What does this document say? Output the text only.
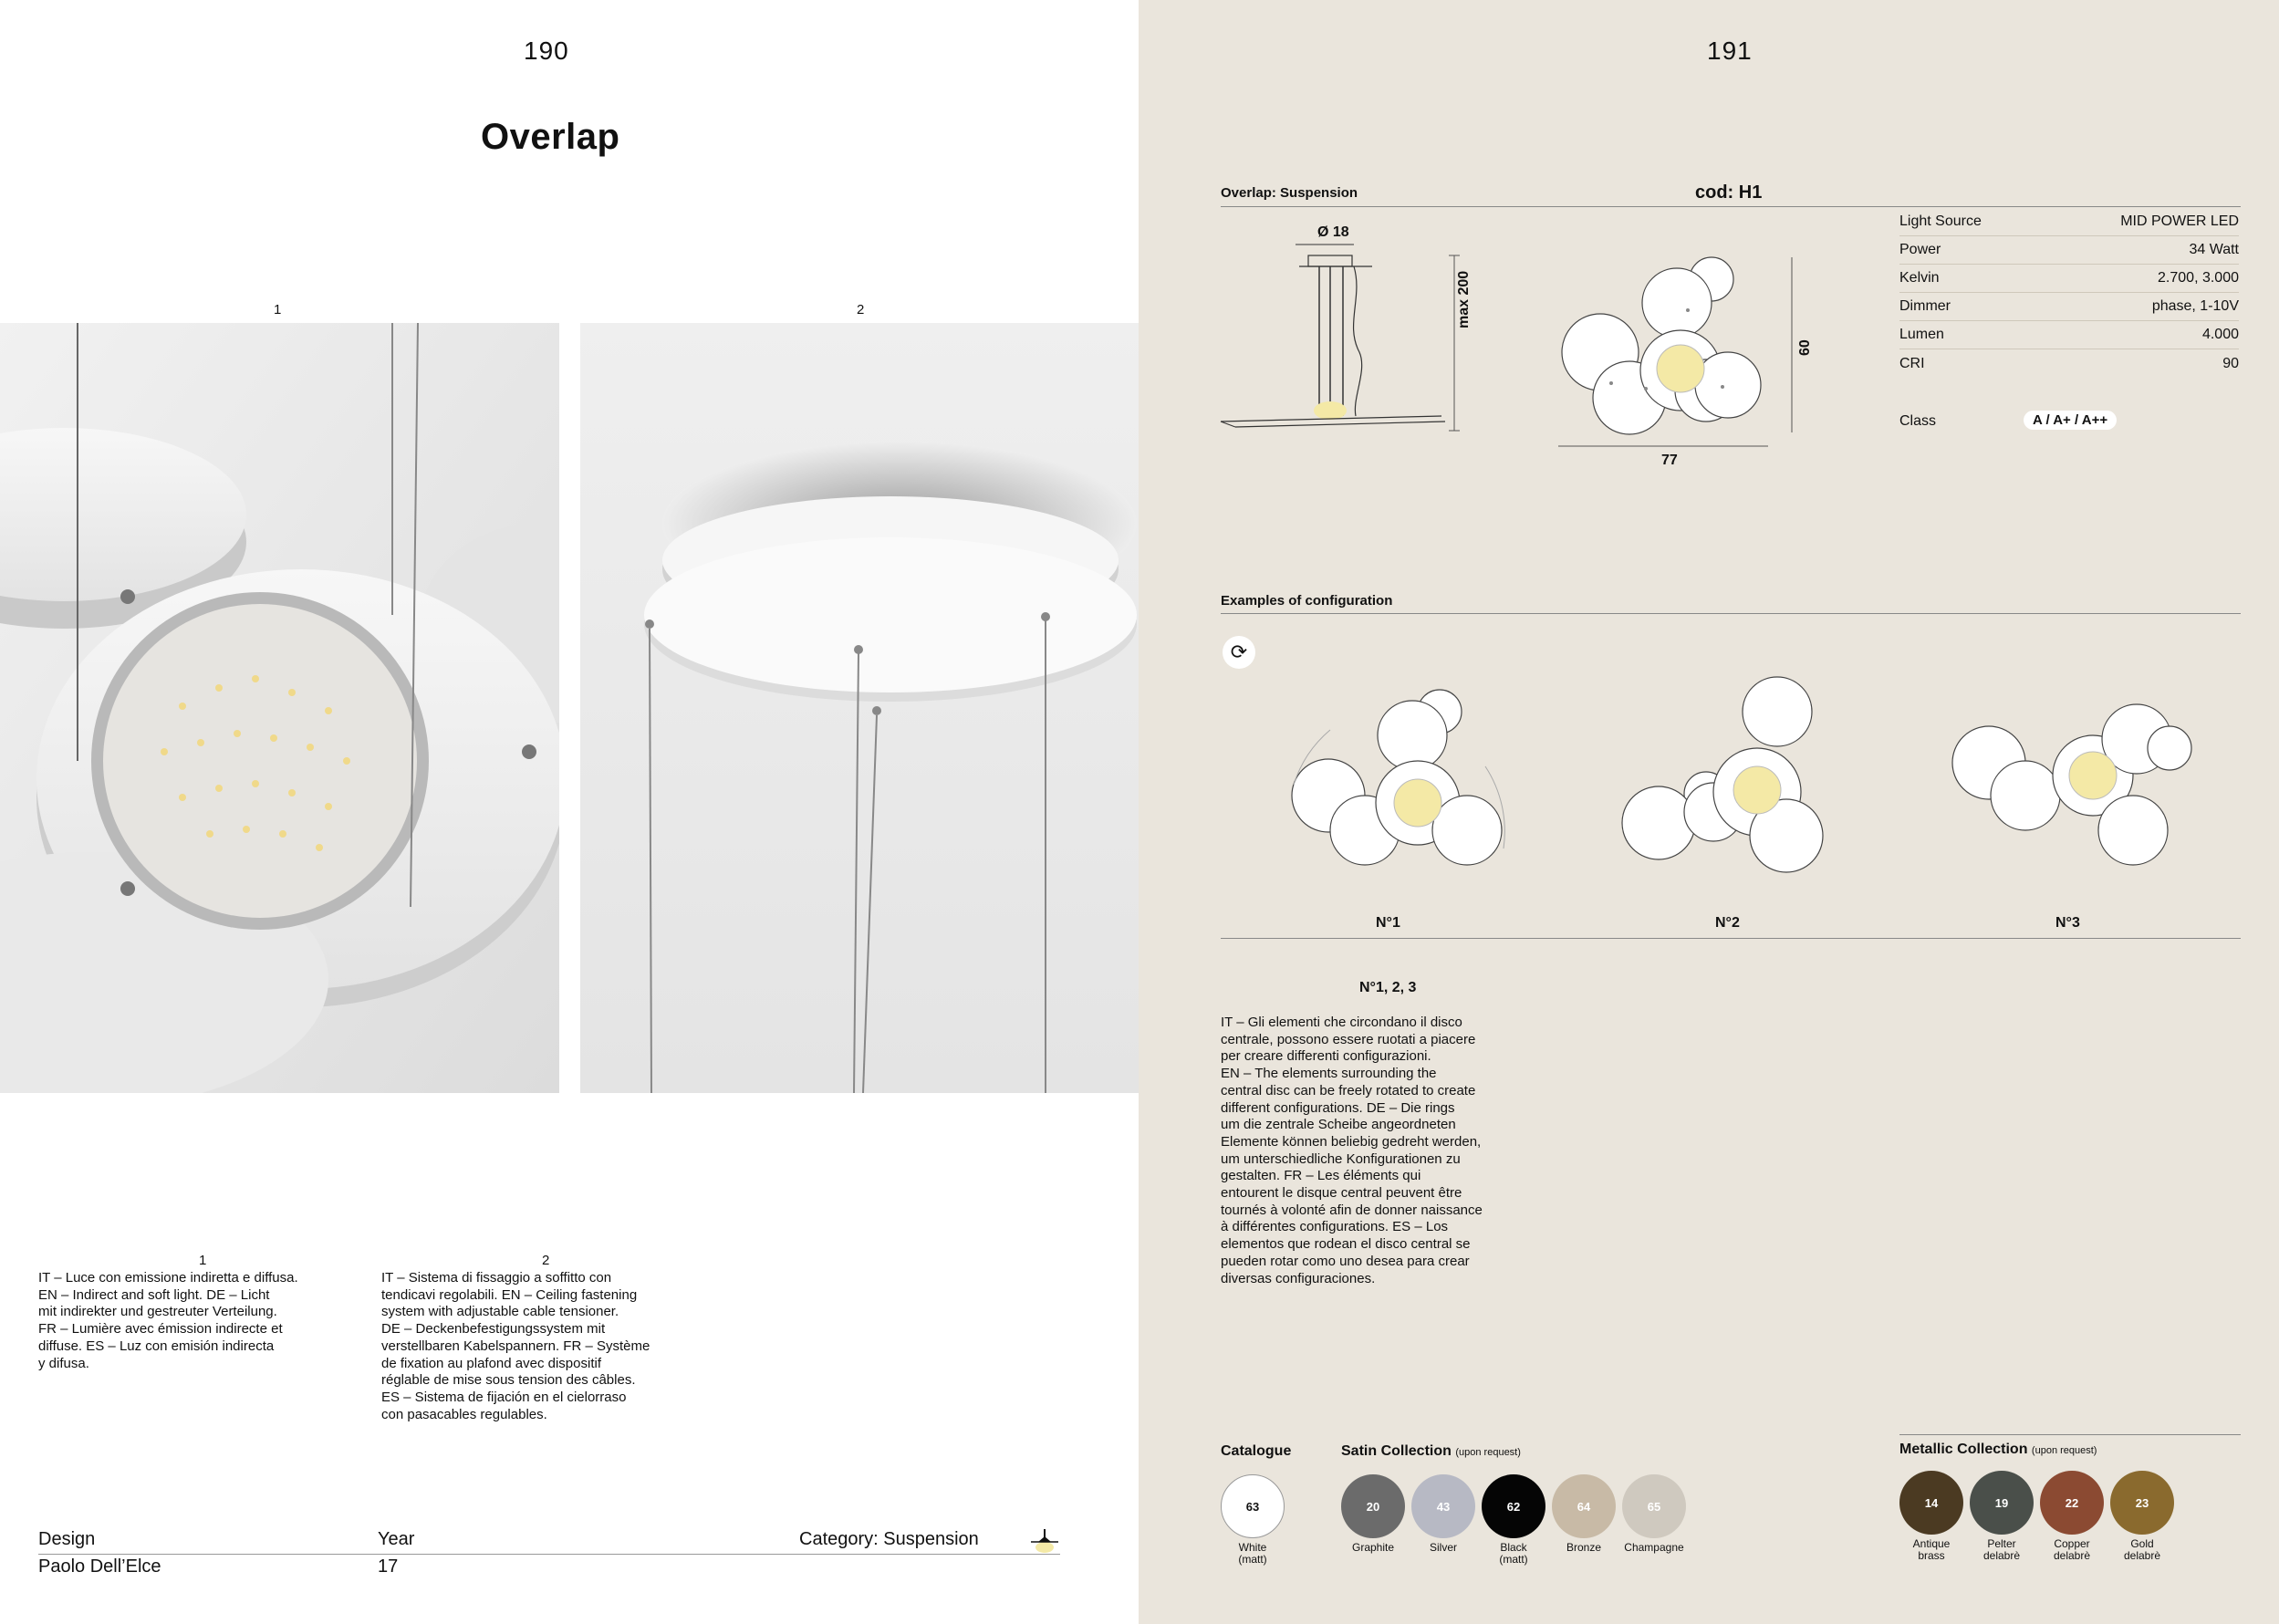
190
Overlap
1	2
1
IT – Luce con emissione indiretta e diffusa.
EN – Indirect and soft light. DE – Licht
mit indirekter und gestreuter Verteilung.
FR – Lumière avec émission indirecte et
diffuse. ES – Luz con emisión indirecta
y difusa.
2
IT – Sistema di fissaggio a soffitto con
tendicavi regolabili. EN – Ceiling fastening
system with adjustable cable tensioner.
DE – Deckenbefestigungssystem mit
verstellbaren Kabelspannern. FR – Système
de fixation au plafond avec dispositif
réglable de mise sous tension des câbles.
ES – Sistema de fijación en el cielorraso
con pasacables regulables.
Design	Year	Category: Suspension
Paolo Dell’Elce	17
191
Overlap: Suspension	cod: H1
Ø 18
max 200
60
77
Light Source	MID POWER LED
Power	34 Watt
Kelvin	2.700, 3.000
Dimmer	phase, 1-10V
Lumen	4.000
CRI	90
Class	A / A+ / A++
Examples of configuration
⟳
N°1	N°2	N°3
N°1, 2, 3
IT – Gli elementi che circondano il disco
centrale, possono essere ruotati a piacere
per creare differenti configurazioni.
EN – The elements surrounding the
central disc can be freely rotated to create
different configurations. DE – Die rings
um die zentrale Scheibe angeordneten
Elemente können beliebig gedreht werden,
um unterschiedliche Konfigurationen zu
gestalten. FR – Les éléments qui
entourent le disque central peuvent être
tournés à volonté afin de donner naissance
à différentes configurations. ES – Los
elementos que rodean el disco central se
pueden rotar como uno desea para crear
diversas configuraciones.
Catalogue	Satin Collection (upon request)	Metallic Collection (upon request)
63
White
(matt)
20
Graphite
43
Silver
62
Black
(matt)
64
Bronze
65
Champagne
14
Antique
brass
19
Pelter
delabrè
22
Copper
delabrè
23
Gold
delabrè
